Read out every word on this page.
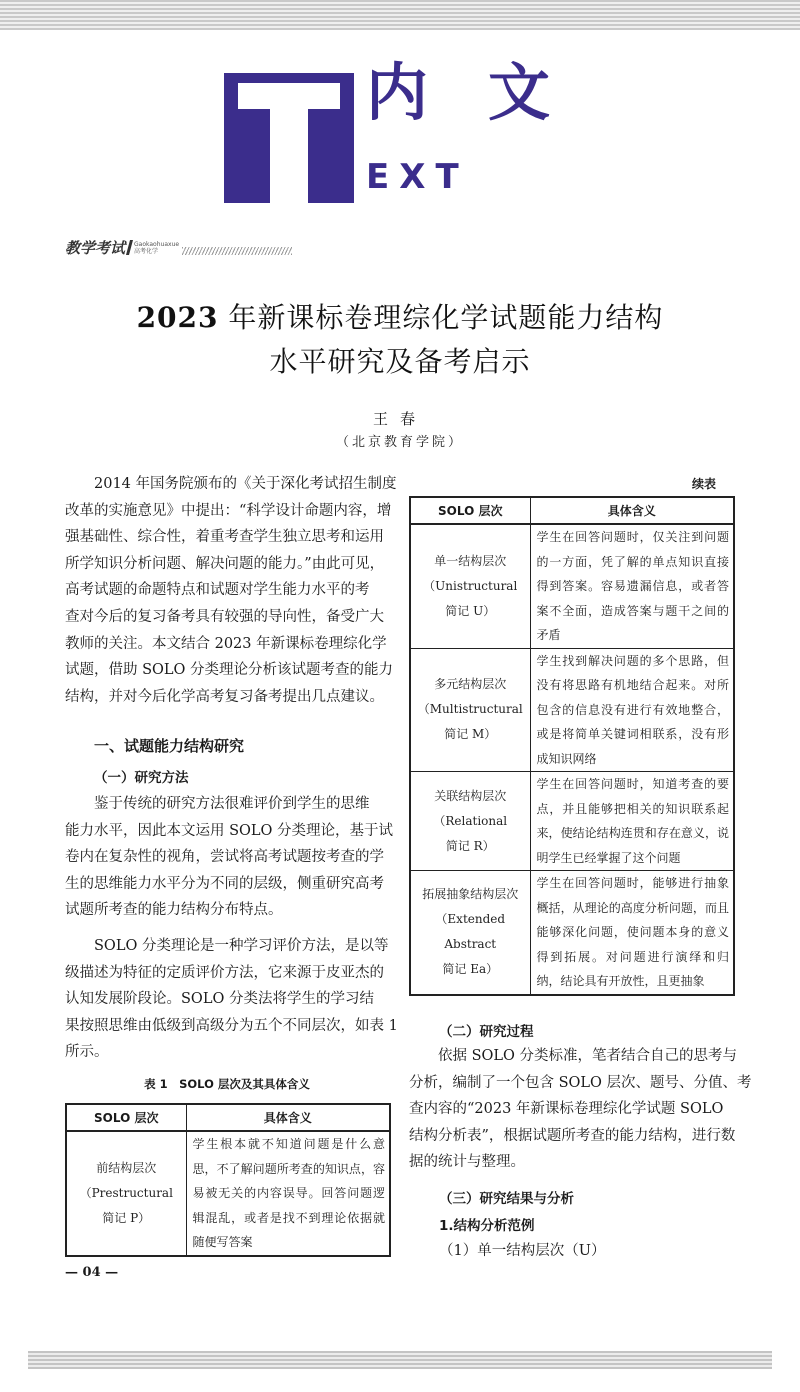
内 文
EXT
教学考试 Gaokaohuaxue
高考化学
2023 年新课标卷理综化学试题能力结构
水平研究及备考启示
王春
（北京教育学院）
2014 年国务院颁布的《关于深化考试招生制度
改革的实施意见》中提出：“科学设计命题内容，增
强基础性、综合性，着重考查学生独立思考和运用
所学知识分析问题、解决问题的能力。”由此可见，
高考试题的命题特点和试题对学生能力水平的考
查对今后的复习备考具有较强的导向性，备受广大
教师的关注。本文结合 2023 年新课标卷理综化学
试题，借助 SOLO 分类理论分析该试题考查的能力
结构，并对今后化学高考复习备考提出几点建议。
一、试题能力结构研究
（一）研究方法
鉴于传统的研究方法很难评价到学生的思维
能力水平，因此本文运用 SOLO 分类理论，基于试
卷内在复杂性的视角，尝试将高考试题按考查的学
生的思维能力水平分为不同的层级，侧重研究高考
试题所考查的能力结构分布特点。
SOLO 分类理论是一种学习评价方法，是以等
级描述为特征的定质评价方法，它来源于皮亚杰的
认知发展阶段论。SOLO 分类法将学生的学习结
果按照思维由低级到高级分为五个不同层次，如表 1
所示。
表 1　SOLO 层次及其具体含义
SOLO 层次	具体含义

前结构层次
（Prestructural
简记 P）	学生根本就不知道问题是什么意
思，不了解问题所考查的知识点，容
易被无关的内容误导。回答问题逻
辑混乱，或者是找不到理论依据就
随便写答案
— 04 —
续表
SOLO 层次	具体含义

单一结构层次
（Unistructural
简记 U）	学生在回答问题时，仅关注到问题
的一方面，凭了解的单点知识直接
得到答案。容易遗漏信息，或者答
案不全面，造成答案与题干之间的
矛盾

多元结构层次
（Multistructural
简记 M）	学生找到解决问题的多个思路，但
没有将思路有机地结合起来。对所
包含的信息没有进行有效地整合，
或是将简单关键词相联系，没有形
成知识网络

关联结构层次
（Relational
简记 R）	学生在回答问题时，知道考查的要
点，并且能够把相关的知识联系起
来，使结论结构连贯和存在意义，说
明学生已经掌握了这个问题

拓展抽象结构层次
（Extended Abstract
简记 Ea）	学生在回答问题时，能够进行抽象
概括，从理论的高度分析问题，而且
能够深化问题，使问题本身的意义
得到拓展。对问题进行演绎和归
纳，结论具有开放性，且更抽象
（二）研究过程
依据 SOLO 分类标准，笔者结合自己的思考与
分析，编制了一个包含 SOLO 层次、题号、分值、考
查内容的“2023 年新课标卷理综化学试题 SOLO
结构分析表”，根据试题所考查的能力结构，进行数
据的统计与整理。
（三）研究结果与分析
1.结构分析范例
（1）单一结构层次（U）
